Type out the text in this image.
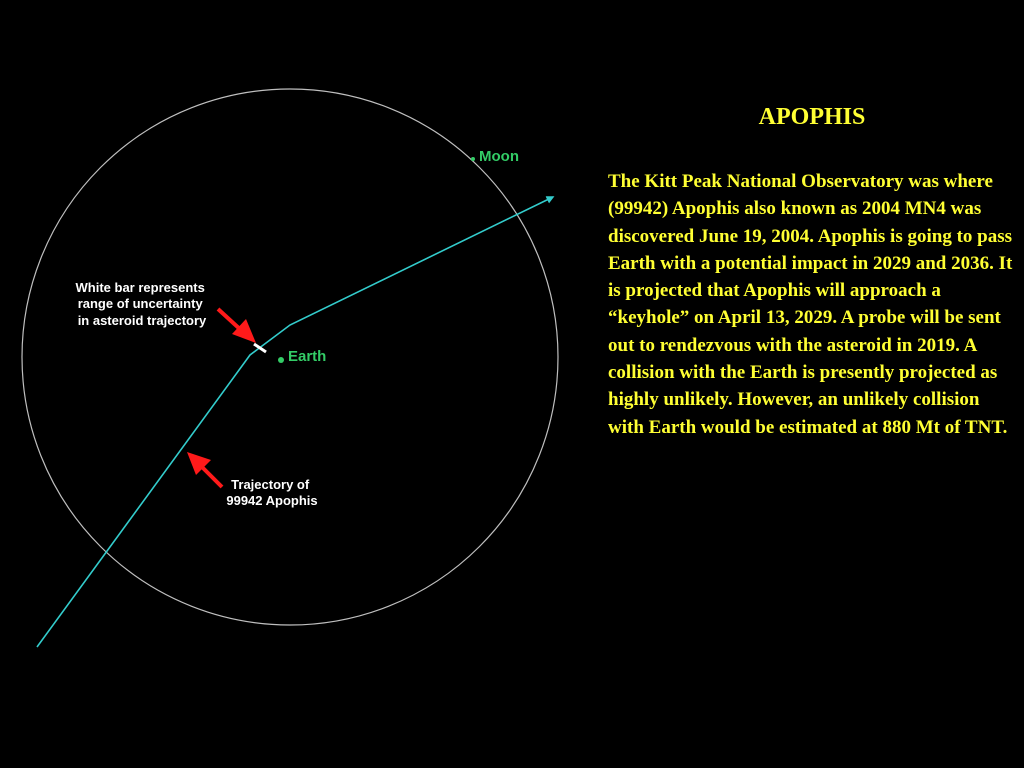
Earth
Moon
White bar represents range of uncertainty in asteroid trajectory
Trajectory of 99942 Apophis
APOPHIS

The Kitt Peak National Observatory was where (99942) Apophis also known as 2004 MN4 was discovered June 19, 2004. Apophis is going to pass Earth with a potential impact in 2029 and 2036. It is projected that Apophis will approach a “keyhole” on April 13, 2029. A probe will be sent out to rendezvous with the asteroid in 2019. A collision with the Earth is presently projected as highly unlikely. However, an unlikely collision with Earth would be estimated at 880 Mt of TNT.
